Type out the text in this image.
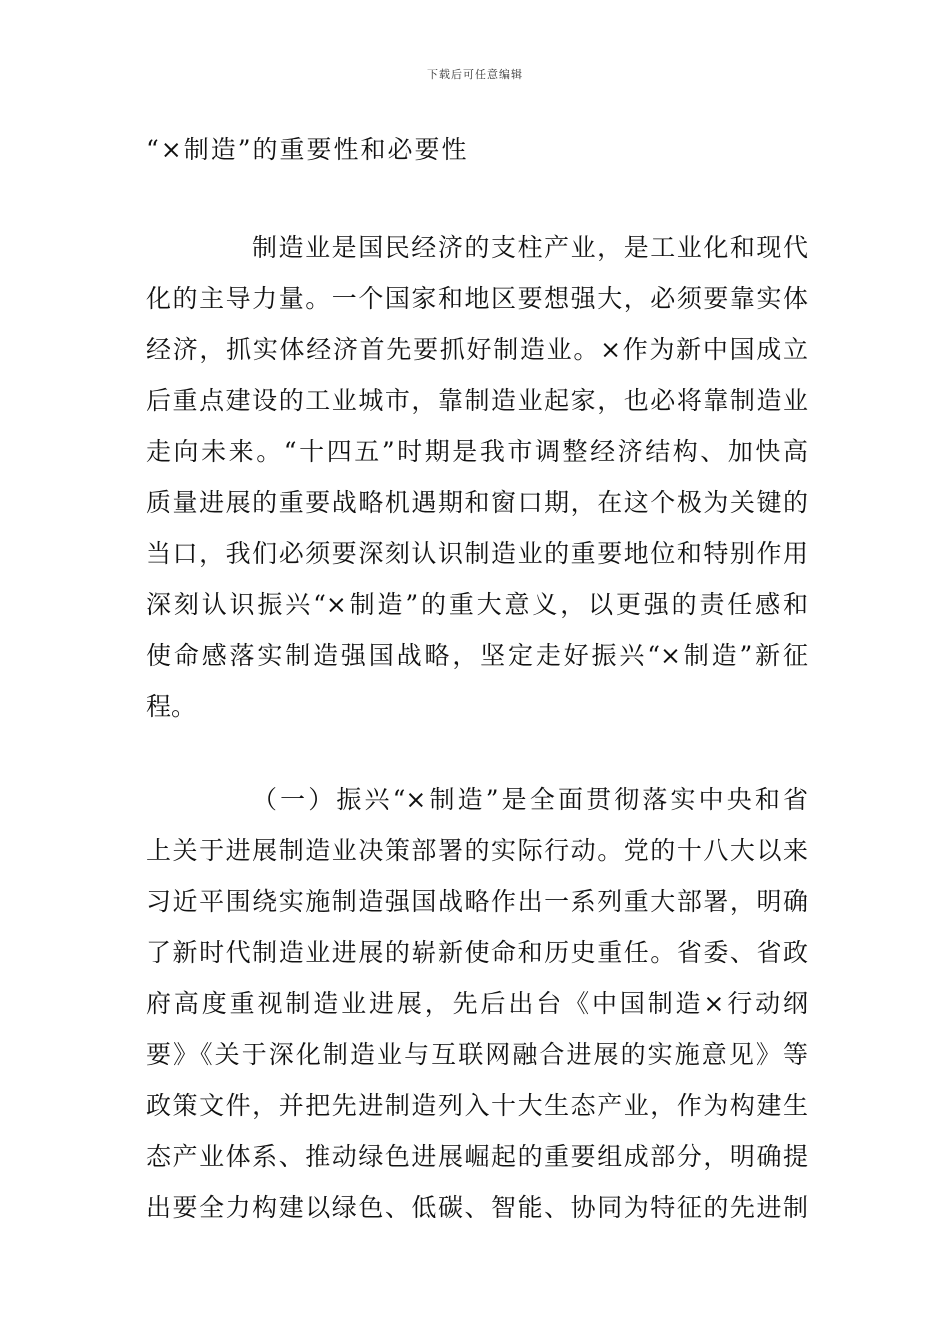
下载后可任意编辑
“×制造”的重要性和必要性
制造业是国民经济的支柱产业，是工业化和现代
化的主导力量。一个国家和地区要想强大，必须要靠实体
经济，抓实体经济首先要抓好制造业。×作为新中国成立
后重点建设的工业城市，靠制造业起家，也必将靠制造业
走向未来。“十四五”时期是我市调整经济结构、加快高
质量进展的重要战略机遇期和窗口期，在这个极为关键的
当口，我们必须要深刻认识制造业的重要地位和特别作用
深刻认识振兴“×制造”的重大意义，以更强的责任感和
使命感落实制造强国战略，坚定走好振兴“×制造”新征
程。
（一）振兴“×制造”是全面贯彻落实中央和省
上关于进展制造业决策部署的实际行动。党的十八大以来
习近平围绕实施制造强国战略作出一系列重大部署，明确
了新时代制造业进展的崭新使命和历史重任。省委、省政
府高度重视制造业进展，先后出台《中国制造×行动纲
要》《关于深化制造业与互联网融合进展的实施意见》等
政策文件，并把先进制造列入十大生态产业，作为构建生
态产业体系、推动绿色进展崛起的重要组成部分，明确提
出要全力构建以绿色、低碳、智能、协同为特征的先进制
